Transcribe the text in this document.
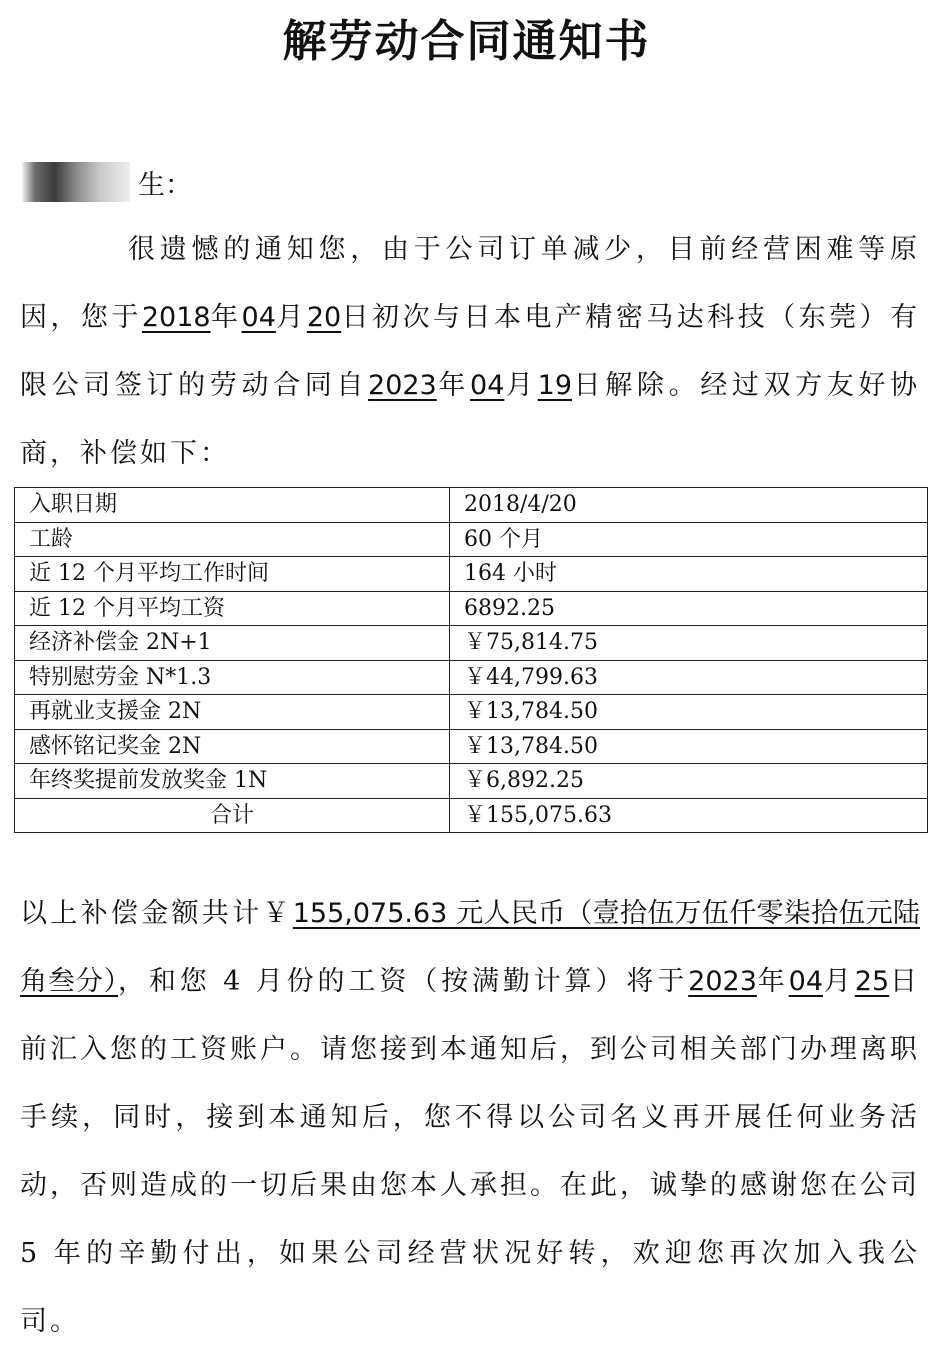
解劳动合同通知书
生：
很遗憾的通知您，由于公司订单减少，目前经营困难等原因，您于2018年04月20日初次与日本电产精密马达科技（东莞）有限公司签订的劳动合同自2023年04月19日解除。经过双方友好协商，补偿如下：
入职日期	2018/4/20
工龄	60 个月
近 12 个月平均工作时间	164 小时
近 12 个月平均工资	6892.25
经济补偿金 2N+1	￥75,814.75
特别慰劳金 N*1.3	￥44,799.63
再就业支援金 2N	￥13,784.50
感怀铭记奖金 2N	￥13,784.50
年终奖提前发放奖金 1N	￥6,892.25
合计	￥155,075.63
以上补偿金额共计￥155,075.63 元人民币（壹拾伍万伍仟零柒拾伍元陆角叁分），和您 4 月份的工资（按满勤计算）将于2023年04月25日前汇入您的工资账户。请您接到本通知后，到公司相关部门办理离职手续，同时，接到本通知后，您不得以公司名义再开展任何业务活动，否则造成的一切后果由您本人承担。在此，诚挚的感谢您在公司 5 年的辛勤付出，如果公司经营状况好转，欢迎您再次加入我公司。
